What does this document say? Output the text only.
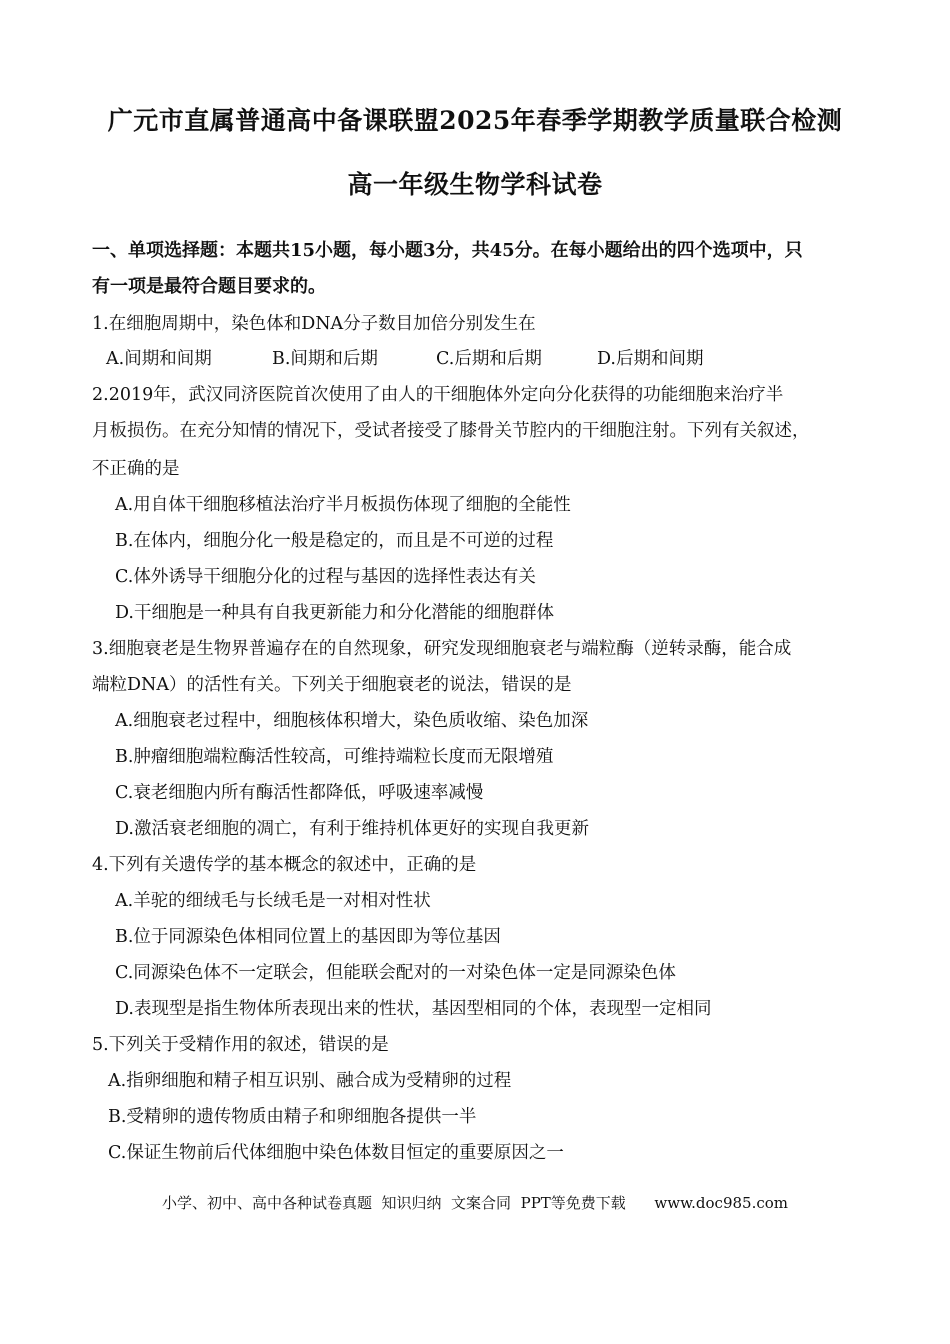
广元市直属普通高中备课联盟2025年春季学期教学质量联合检测
高一年级生物学科试卷
一、单项选择题：本题共15小题，每小题3分，共45分。在每小题给出的四个选项中，只
有一项是最符合题目要求的。
1.在细胞周期中，染色体和DNA分子数目加倍分别发生在
A.间期和间期	B.间期和后期	C.后期和后期	D.后期和间期
2.2019年，武汉同济医院首次使用了由人的干细胞体外定向分化获得的功能细胞来治疗半
月板损伤。在充分知情的情况下，受试者接受了膝骨关节腔内的干细胞注射。下列有关叙述，
不正确的是
A.用自体干细胞移植法治疗半月板损伤体现了细胞的全能性
B.在体内，细胞分化一般是稳定的，而且是不可逆的过程
C.体外诱导干细胞分化的过程与基因的选择性表达有关
D.干细胞是一种具有自我更新能力和分化潜能的细胞群体
3.细胞衰老是生物界普遍存在的自然现象，研究发现细胞衰老与端粒酶（逆转录酶，能合成
端粒DNA）的活性有关。下列关于细胞衰老的说法，错误的是
A.细胞衰老过程中，细胞核体积增大，染色质收缩、染色加深
B.肿瘤细胞端粒酶活性较高，可维持端粒长度而无限增殖
C.衰老细胞内所有酶活性都降低，呼吸速率减慢
D.激活衰老细胞的凋亡，有利于维持机体更好的实现自我更新
4.下列有关遗传学的基本概念的叙述中，正确的是
A.羊驼的细绒毛与长绒毛是一对相对性状
B.位于同源染色体相同位置上的基因即为等位基因
C.同源染色体不一定联会，但能联会配对的一对染色体一定是同源染色体
D.表现型是指生物体所表现出来的性状，基因型相同的个体，表现型一定相同
5.下列关于受精作用的叙述，错误的是
A.指卵细胞和精子相互识别、融合成为受精卵的过程
B.受精卵的遗传物质由精子和卵细胞各提供一半
C.保证生物前后代体细胞中染色体数目恒定的重要原因之一
小学、初中、高中各种试卷真题  知识归纳  文案合同  PPT等免费下载 www.doc985.com
